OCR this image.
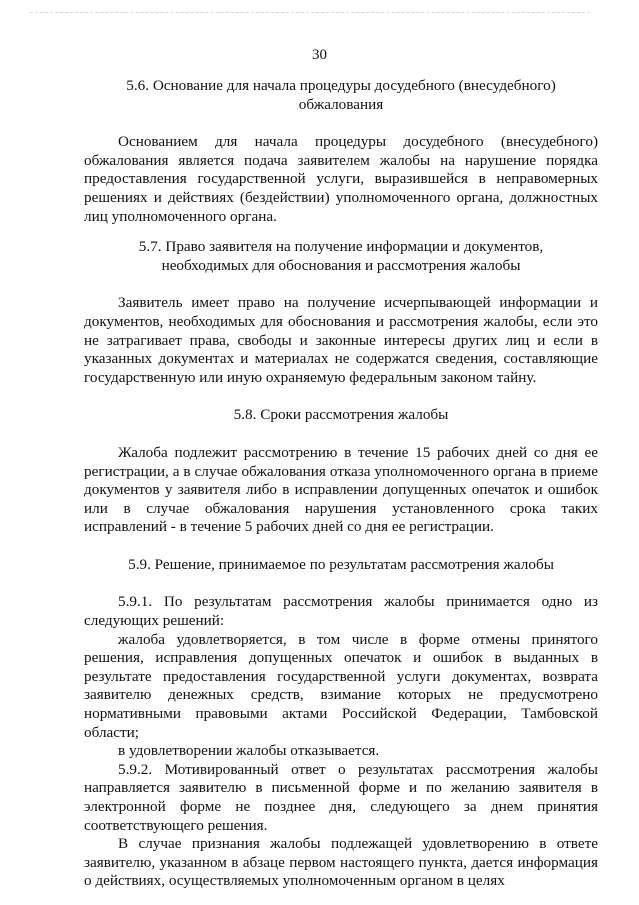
30
5.6. Основание для начала процедуры досудебного (внесудебного) обжалования

Основанием для начала процедуры досудебного (внесудебного) обжалования является подача заявителем жалобы на нарушение порядка предоставления государственной услуги, выразившейся в неправомерных решениях и действиях (бездействии) уполномоченного органа, должностных лиц уполномоченного органа.

5.7. Право заявителя на получение информации и документов, необходимых для обоснования и рассмотрения жалобы

Заявитель имеет право на получение исчерпывающей информации и документов, необходимых для обоснования и рассмотрения жалобы, если это не затрагивает права, свободы и законные интересы других лиц и если в указанных документах и материалах не содержатся сведения, составляющие государственную или иную охраняемую федеральным законом тайну.

5.8. Сроки рассмотрения жалобы

Жалоба подлежит рассмотрению в течение 15 рабочих дней со дня ее регистрации, а в случае обжалования отказа уполномоченного органа в приеме документов у заявителя либо в исправлении допущенных опечаток и ошибок или в случае обжалования нарушения установленного срока таких исправлений - в течение 5 рабочих дней со дня ее регистрации.

5.9. Решение, принимаемое по результатам рассмотрения жалобы

5.9.1. По результатам рассмотрения жалобы принимается одно из следующих решений:

жалоба удовлетворяется, в том числе в форме отмены принятого решения, исправления допущенных опечаток и ошибок в выданных в результате предоставления государственной услуги документах, возврата заявителю денежных средств, взимание которых не предусмотрено нормативными правовыми актами Российской Федерации, Тамбовской области;

в удовлетворении жалобы отказывается.

5.9.2. Мотивированный ответ о результатах рассмотрения жалобы направляется заявителю в письменной форме и по желанию заявителя в электронной форме не позднее дня, следующего за днем принятия соответствующего решения.

В случае признания жалобы подлежащей удовлетворению в ответе заявителю, указанном в абзаце первом настоящего пункта, дается информация о действиях, осуществляемых уполномоченным органом в целях
